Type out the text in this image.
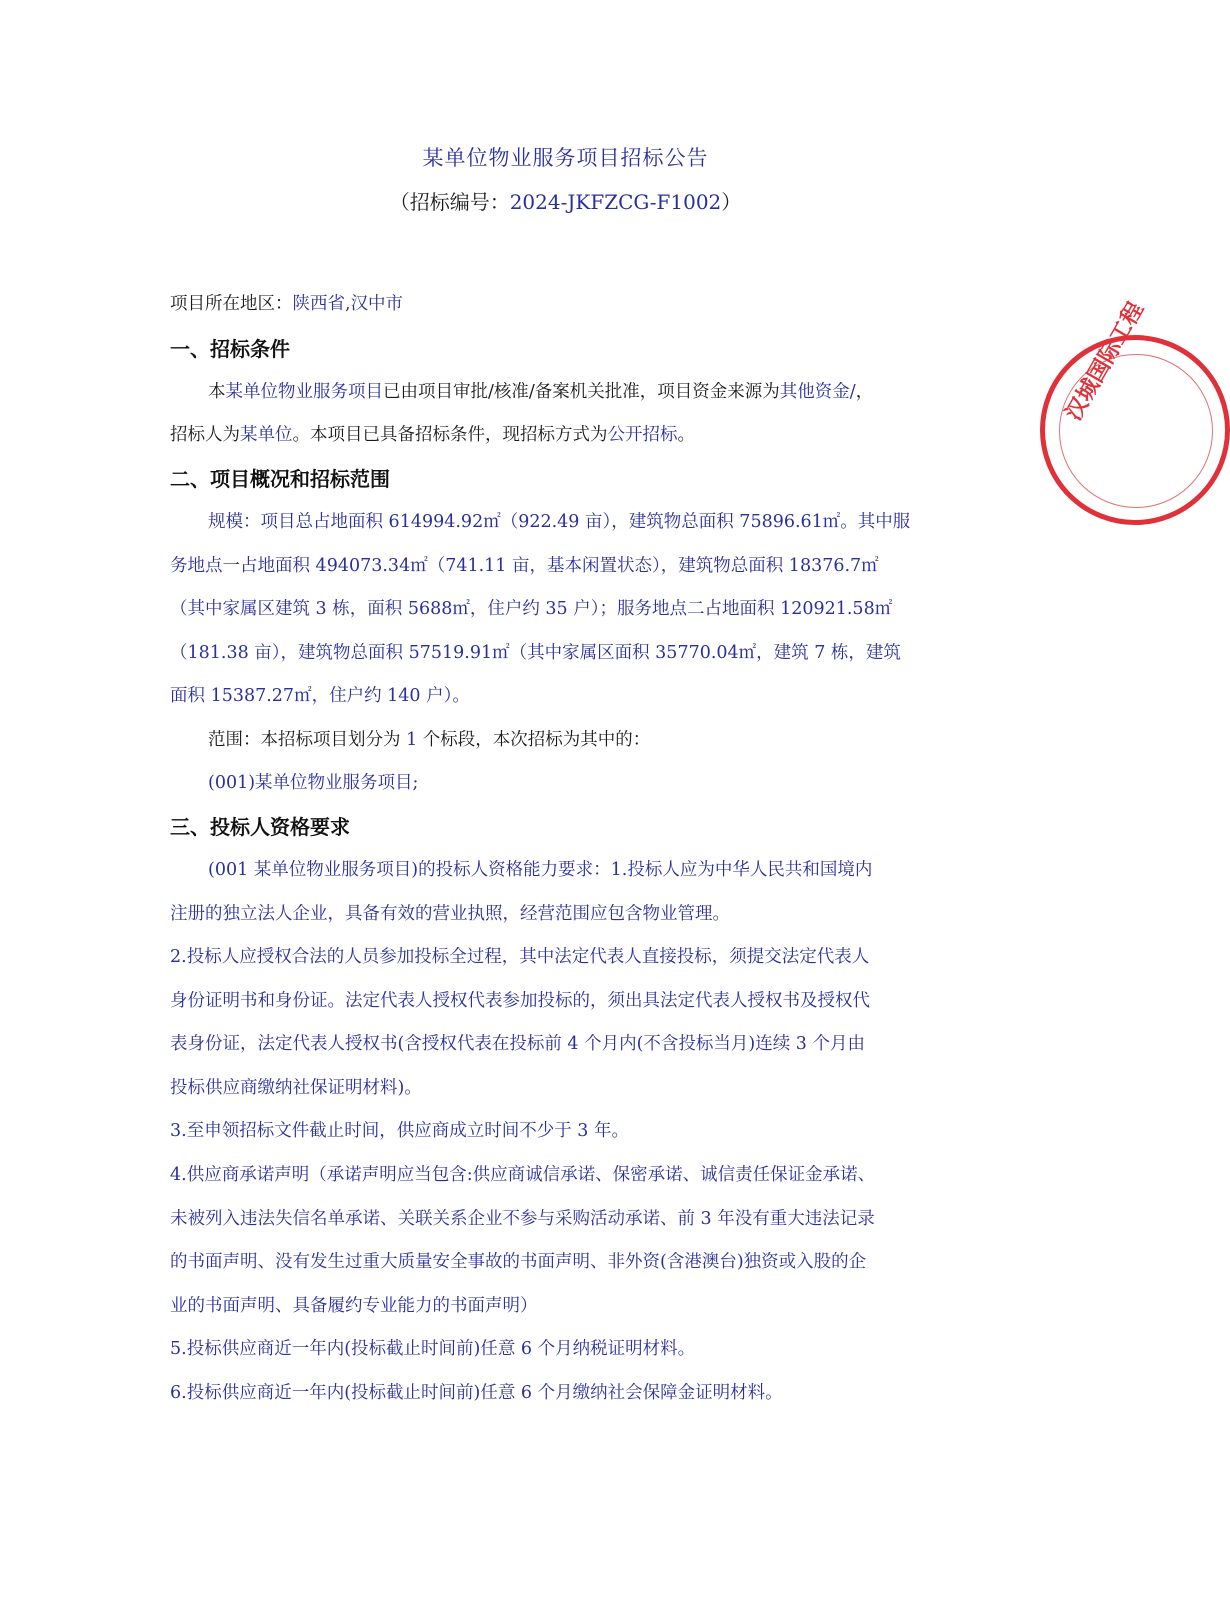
某单位物业服务项目招标公告
（招标编号：2024-JKFZCG-F1002）
项目所在地区：陕西省,汉中市
一、招标条件
本某单位物业服务项目已由项目审批/核准/备案机关批准，项目资金来源为其他资金/，
招标人为某单位。本项目已具备招标条件，现招标方式为公开招标。
二、项目概况和招标范围
规模：项目总占地面积 614994.92㎡（922.49 亩），建筑物总面积 75896.61㎡。其中服
务地点一占地面积 494073.34㎡（741.11 亩，基本闲置状态），建筑物总面积 18376.7㎡
（其中家属区建筑 3 栋，面积 5688㎡，住户约 35 户）；服务地点二占地面积 120921.58㎡
（181.38 亩），建筑物总面积 57519.91㎡（其中家属区面积 35770.04㎡，建筑 7 栋，建筑
面积 15387.27㎡，住户约 140 户）。
范围：本招标项目划分为 1 个标段，本次招标为其中的：
(001)某单位物业服务项目;
三、投标人资格要求
(001 某单位物业服务项目)的投标人资格能力要求：1.投标人应为中华人民共和国境内
注册的独立法人企业，具备有效的营业执照，经营范围应包含物业管理。
2.投标人应授权合法的人员参加投标全过程，其中法定代表人直接投标，须提交法定代表人
身份证明书和身份证。法定代表人授权代表参加投标的，须出具法定代表人授权书及授权代
表身份证，法定代表人授权书(含授权代表在投标前 4 个月内(不含投标当月)连续 3 个月由
投标供应商缴纳社保证明材料)。
3.至申领招标文件截止时间，供应商成立时间不少于 3 年。
4.供应商承诺声明（承诺声明应当包含:供应商诚信承诺、保密承诺、诚信责任保证金承诺、
未被列入违法失信名单承诺、关联关系企业不参与采购活动承诺、前 3 年没有重大违法记录
的书面声明、没有发生过重大质量安全事故的书面声明、非外资(含港澳台)独资或入股的企
业的书面声明、具备履约专业能力的书面声明）
5.投标供应商近一年内(投标截止时间前)任意 6 个月纳税证明材料。
6.投标供应商近一年内(投标截止时间前)任意 6 个月缴纳社会保障金证明材料。
汉城国际工程
